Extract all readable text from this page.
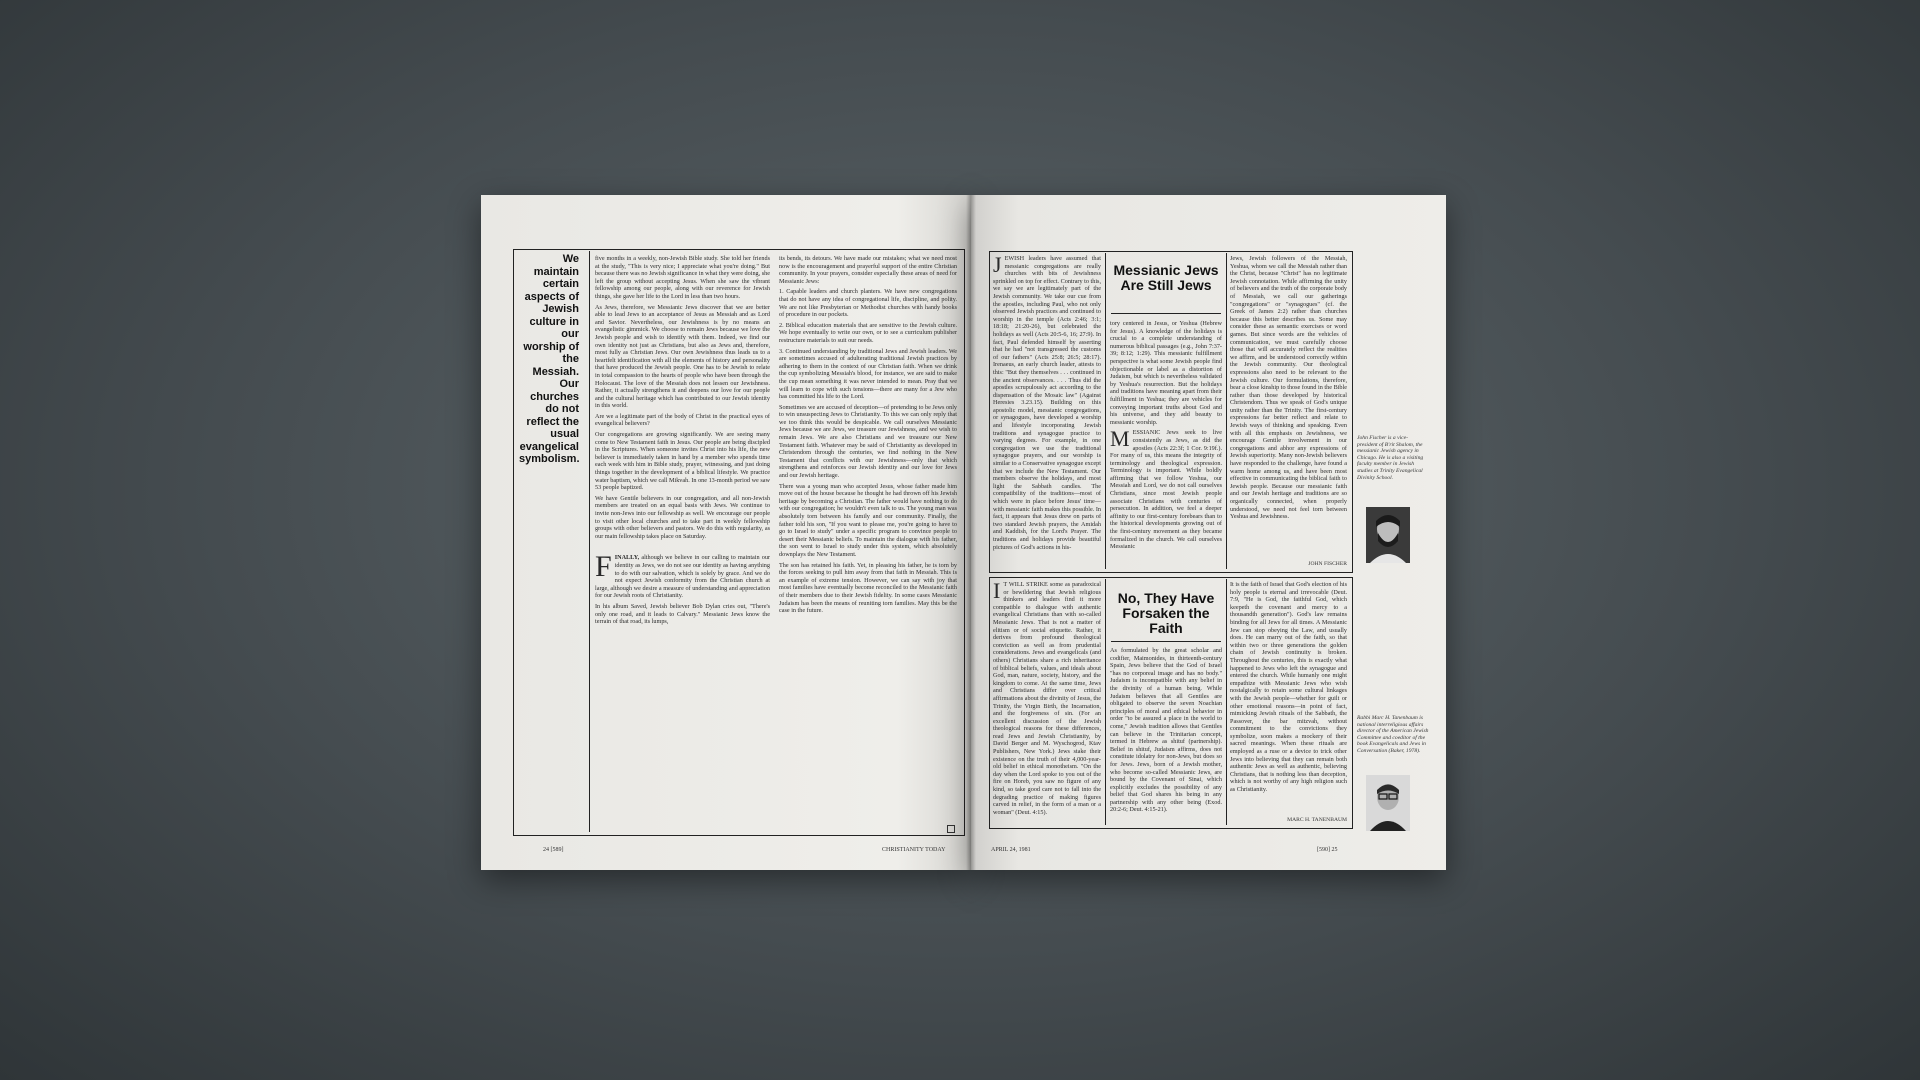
We maintain certain aspects of Jewish culture in our worship of the Messiah. Our churches do not reflect the usual evangelical symbolism.

five months in a weekly, non-Jewish Bible study. She told her friends at the study, "This is very nice; I appreciate what you're doing." But because there was no Jewish significance in what they were doing, she left the group without accepting Jesus. When she saw the vibrant fellowship among our people, along with our reverence for Jewish things, she gave her life to the Lord in less than two hours.

As Jews, therefore, we Messianic Jews discover that we are better able to lead Jews to an acceptance of Jesus as Messiah and as Lord and Savior. Nevertheless, our Jewishness is by no means an evangelistic gimmick. We choose to remain Jews because we love the Jewish people and wish to identify with them. Indeed, we find our own identity not just as Christians, but also as Jews and, therefore, most fully as Christian Jews. Our own Jewishness thus leads us to a heartfelt identification with all the elements of history and personality that have produced the Jewish people. One has to be Jewish to relate in total compassion to the hearts of people who have been through the Holocaust. The love of the Messiah does not lessen our Jewishness. Rather, it actually strengthens it and deepens our love for our people and the cultural heritage which has contributed to our Jewish identity in this world.

Are we a legitimate part of the body of Christ in the practical eyes of evangelical believers?

Our congregations are growing significantly. We are seeing many come to New Testament faith in Jesus. Our people are being discipled in the Scriptures. When someone invites Christ into his life, the new believer is immediately taken in hand by a member who spends time each week with him in Bible study, prayer, witnessing, and just doing things together in the development of a biblical lifestyle. We practice water baptism, which we call Mikvah. In one 13-month period we saw 53 people baptized.

We have Gentile believers in our congregation, and all non-Jewish members are treated on an equal basis with Jews. We continue to invite non-Jews into our fellowship as well. We encourage our people to visit other local churches and to take part in weekly fellowship groups with other believers and pastors. We do this with regularity, as our main fellowship takes place on Saturday.

F INALLY, although we believe in our calling to maintain our identity as Jews, we do not see our identity as having anything to do with our salvation, which is solely by grace. And we do not expect Jewish conformity from the Christian church at large, although we desire a measure of understanding and appreciation for our Jewish roots of Christianity.

In his album Saved, Jewish believer Bob Dylan cries out, "There's only one road, and it leads to Calvary." Messianic Jews know the terrain of that road, its lumps,

its bends, its detours. We have made our mistakes; what we need most now is the encouragement and prayerful support of the entire Christian community. In your prayers, consider especially these areas of need for Messianic Jews:

1. Capable leaders and church planters. We have new congregations that do not have any idea of congregational life, discipline, and polity. We are not like Presbyterian or Methodist churches with handy books of procedure in our pockets.

2. Biblical education materials that are sensitive to the Jewish culture. We hope eventually to write our own, or to see a curriculum publisher restructure materials to suit our needs.

3. Continued understanding by traditional Jews and Jewish leaders. We are sometimes accused of adulterating traditional Jewish practices by adhering to them in the context of our Christian faith. When we drink the cup symbolizing Messiah's blood, for instance, we are said to make the cup mean something it was never intended to mean. Pray that we will learn to cope with such tensions—there are many for a Jew who has committed his life to the Lord.

Sometimes we are accused of deception—of pretending to be Jews only to win unsuspecting Jews to Christianity. To this we can only reply that we too think this would be despicable. We call ourselves Messianic Jews because we are Jews, we treasure our Jewishness, and we wish to remain Jews. We are also Christians and we treasure our New Testament faith. Whatever may be said of Christianity as developed in Christendom through the centuries, we find nothing in the New Testament that conflicts with our Jewishness—only that which strengthens and reinforces our Jewish identity and our love for Jews and our Jewish heritage.

There was a young man who accepted Jesus, whose father made him move out of the house because he thought he had thrown off his Jewish heritage by becoming a Christian. The father would have nothing to do with our congregation; he wouldn't even talk to us. The young man was absolutely torn between his family and our community. Finally, the father told his son, "If you want to please me, you're going to have to go to Israel to study" under a specific program to convince people to desert their Messianic beliefs. To maintain the dialogue with his father, the son went to Israel to study under this system, which absolutely downplays the New Testament.

The son has retained his faith. Yet, in pleasing his father, he is torn by the forces seeking to pull him away from that faith in Messiah. This is an example of extreme tension. However, we can say with joy that most families have eventually become reconciled to the Messianic faith of their members due to their Jewish fidelity. In some cases Messianic Judaism has been the means of reuniting torn families. May this be the case in the future.

24 [589]	CHRISTIANITY TODAY
J EWISH leaders have assumed that messianic congregations are really churches with bits of Jewishness sprinkled on top for effect. Contrary to this, we say we are legitimately part of the Jewish community. We take our cue from the apostles, including Paul, who not only observed Jewish practices and continued to worship in the temple (Acts 2:46; 3:1; 18:18; 21:20-26), but celebrated the holidays as well (Acts 20:5-6, 16; 27:9). In fact, Paul defended himself by asserting that he had "not transgressed the customs of our fathers" (Acts 25:8; 26:5; 28:17). Irenaeus, an early church leader, attests to this: "But they themselves . . . continued in the ancient observances. . . . Thus did the apostles scrupulously act according to the dispensation of the Mosaic law" (Against Heresies 3.23.15). Building on this apostolic model, messianic congregations, or synagogues, have developed a worship and lifestyle incorporating Jewish traditions and synagogue practice to varying degrees. For example, in one congregation we use the traditional synagogue prayers, and our worship is similar to a Conservative synagogue except that we include the New Testament. Our members observe the holidays, and most light the Sabbath candles. The compatibility of the traditions—most of which were in place before Jesus' time—with messianic faith makes this possible. In fact, it appears that Jesus drew on parts of two standard Jewish prayers, the Amidah and Kaddish, for the Lord's Prayer. The traditions and holidays provide beautiful pictures of God's actions in his-
Messianic Jews Are Still Jews

tory centered in Jesus, or Yeshua (Hebrew for Jesus). A knowledge of the holidays is crucial to a complete understanding of numerous biblical passages (e.g., John 7:37-39; 8:12; 1:29). This messianic fulfillment perspective is what some Jewish people find objectionable or label as a distortion of Judaism, but which is nevertheless validated by Yeshua's resurrection. But the holidays and traditions have meaning apart from their fulfillment in Yeshua; they are vehicles for conveying important truths about God and his universe, and they add beauty to messianic worship.

M ESSIANIC Jews seek to live consistently as Jews, as did the apostles (Acts 22:3f; 1 Cor. 9:19f.). For many of us, this means the integrity of terminology and theological expression. Terminology is important. While boldly affirming that we follow Yeshua, our Messiah and Lord, we do not call ourselves Christians, since most Jewish people associate Christians with centuries of persecution. In addition, we feel a deeper affinity to our first-century forebears than to the historical developments growing out of the first-century movement as they became formalized in the church. We call ourselves Messianic
Jews, Jewish followers of the Messiah, Yeshua, whom we call the Messiah rather than the Christ, because "Christ" has no legitimate Jewish connotation. While affirming the unity of believers and the truth of the corporate body of Messiah, we call our gatherings "congregations" or "synagogues" (cf. the Greek of James 2:2) rather than churches because this better describes us. Some may consider these as semantic exercises or word games. But since words are the vehicles of communication, we must carefully choose those that will accurately reflect the realities we affirm, and be understood correctly within the Jewish community. Our theological expressions also need to be relevant to the Jewish culture. Our formulations, therefore, bear a close kinship to those found in the Bible rather than those developed by historical Christendom. Thus we speak of God's unique unity rather than the Trinity. The first-century expressions far better reflect and relate to Jewish ways of thinking and speaking. Even with all this emphasis on Jewishness, we encourage Gentile involvement in our congregations and abhor any expressions of Jewish superiority. Many non-Jewish believers have responded to the challenge, have found a warm home among us, and have been most effective in communicating the biblical faith to Jewish people. Because our messianic faith and our Jewish heritage and traditions are so organically connected, when properly understood, we need not feel torn between Yeshua and Jewishness.
JOHN FISCHER
I T WILL STRIKE some as paradoxical or bewildering that Jewish religious thinkers and leaders find it more compatible to dialogue with authentic evangelical Christians than with so-called Messianic Jews. That is not a matter of elitism or of social etiquette. Rather, it derives from profound theological conviction as well as from prudential considerations. Jews and evangelicals (and others) Christians share a rich inheritance of biblical beliefs, values, and ideals about God, man, nature, society, history, and the kingdom to come. At the same time, Jews and Christians differ over critical affirmations about the divinity of Jesus, the Trinity, the Virgin Birth, the Incarnation, and the forgiveness of sin. (For an excellent discussion of the Jewish theological reasons for these differences, read Jews and Jewish Christianity, by David Berger and M. Wyschogrod, Ktav Publishers, New York.) Jews stake their existence on the truth of their 4,000-year-old belief in ethical monotheism. "On the day when the Lord spoke to you out of the fire on Horeb, you saw no figure of any kind, so take good care not to fall into the degrading practice of making figures carved in relief, in the form of a man or a woman" (Deut. 4:15).
No, They Have Forsaken the Faith
As formulated by the great scholar and codifier, Maimonides, in thirteenth-century Spain, Jews believe that the God of Israel "has no corporeal image and has no body." Judaism is incompatible with any belief in the divinity of a human being. While Judaism believes that all Gentiles are obligated to observe the seven Noachian principles of moral and ethical behavior in order "to be assured a place in the world to come," Jewish tradition allows that Gentiles can believe in the Trinitarian concept, termed in Hebrew as shituf (partnership). Belief in shituf, Judaism affirms, does not constitute idolatry for non-Jews, but does so for Jews. Jews, born of a Jewish mother, who become so-called Messianic Jews, are bound by the Covenant of Sinai, which explicitly excludes the possibility of any belief that God shares his being in any partnership with any other being (Exod. 20:2-6; Deut. 4:15-21).
It is the faith of Israel that God's election of his holy people is eternal and irrevocable (Deut. 7:9, "He is God, the faithful God, which keepeth the covenant and mercy to a thousandth generation"). God's law remains binding for all Jews for all times. A Messianic Jew can stop obeying the Law, and usually does. He can marry out of the faith, so that within two or three generations the golden chain of Jewish continuity is broken. Throughout the centuries, this is exactly what happened to Jews who left the synagogue and entered the church. While humanly one might empathize with Messianic Jews who wish nostalgically to retain some cultural linkages with the Jewish people—whether for guilt or other emotional reasons—in point of fact, mimicking Jewish rituals of the Sabbath, the Passover, the bar mitzvah, without commitment to the convictions they symbolize, soon makes a mockery of their sacred meanings. When these rituals are employed as a ruse or a device to trick other Jews into believing that they can remain both authentic Jews as well as authentic, believing Christians, that is nothing less than deception, which is not worthy of any high religion such as Christianity.
MARC H. TANENBAUM
John Fischer is a vice-president of B'rit Shalom, the messianic Jewish agency in Chicago. He is also a visiting faculty member in Jewish studies at Trinity Evangelical Divinity School.
Rabbi Marc H. Tanenbaum is national interreligious affairs director of the American Jewish Committee and coeditor of the book Evangelicals and Jews in Conversation (Baker, 1978).
APRIL 24, 1981	[590] 25
